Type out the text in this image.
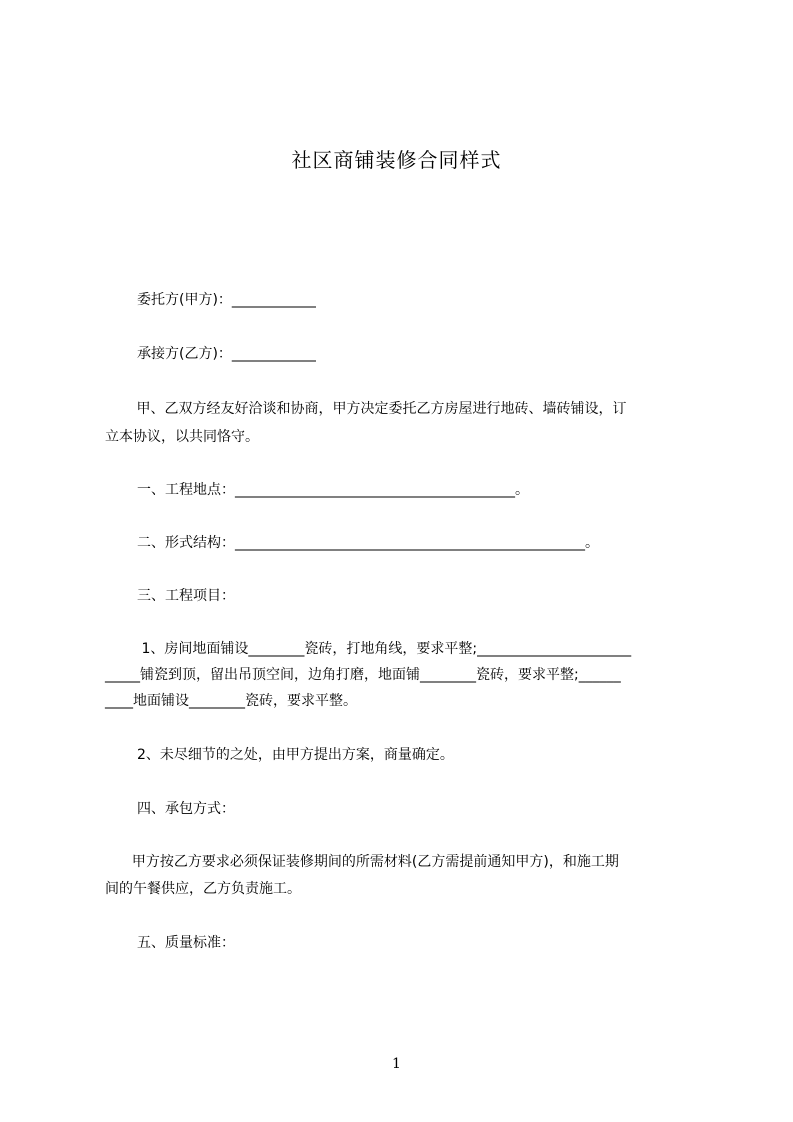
社区商铺装修合同样式
委托方(甲方)：____________
承接方(乙方)：____________
甲、乙双方经友好洽谈和协商，甲方决定委托乙方房屋进行地砖、墙砖铺设，订
立本协议，以共同恪守。
一、工程地点：________________________________________。
二、形式结构：__________________________________________________。
三、工程项目：
1、房间地面铺设________瓷砖，打地角线，要求平整;______________________
_____铺瓷到顶，留出吊顶空间，边角打磨，地面铺________瓷砖，要求平整;______
____地面铺设________瓷砖，要求平整。
2、未尽细节的之处，由甲方提出方案，商量确定。
四、承包方式：
甲方按乙方要求必须保证装修期间的所需材料(乙方需提前通知甲方)，和施工期
间的午餐供应，乙方负责施工。
五、质量标准：
1
